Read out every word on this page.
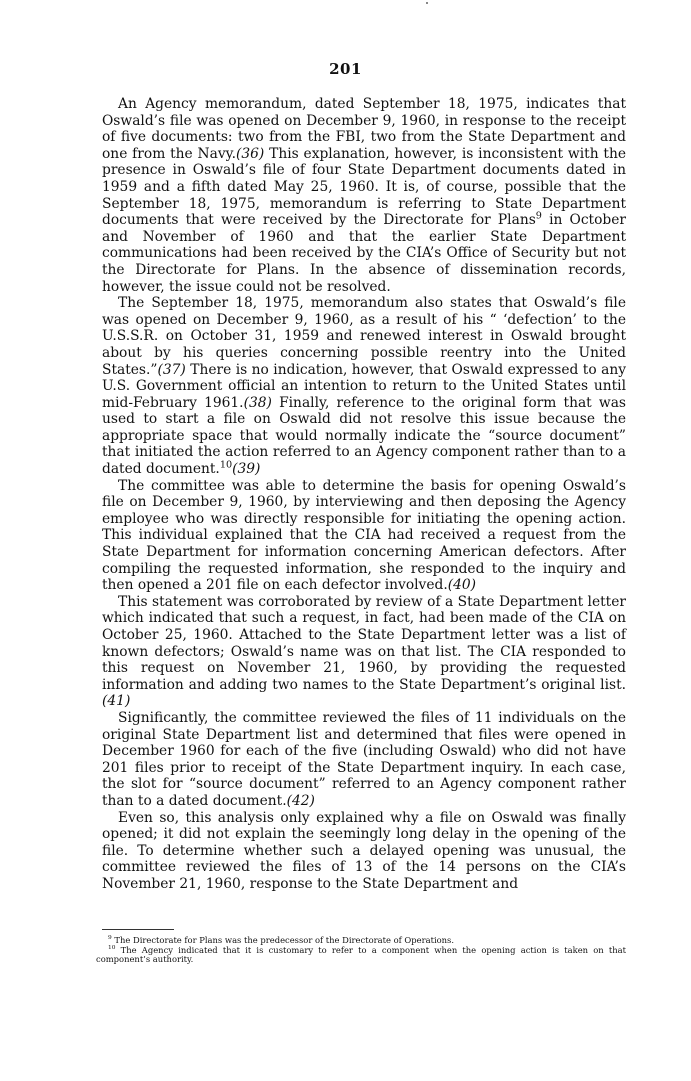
201

An Agency memorandum, dated September 18, 1975, indicates that Oswald’s file was opened on December 9, 1960, in response to the receipt of five documents: two from the FBI, two from the State Department and one from the Navy.(36) This explanation, however, is inconsistent with the presence in Oswald’s file of four State Department documents dated in 1959 and a fifth dated May 25, 1960. It is, of course, possible that the September 18, 1975, memorandum is referring to State Department documents that were received by the Directorate for Plans$^9$ in October and November of 1960 and that the earlier State Department communications had been received by the CIA’s Office of Security but not the Directorate for Plans. In the absence of dissemination records, however, the issue could not be resolved.

The September 18, 1975, memorandum also states that Oswald’s file was opened on December 9, 1960, as a result of his “ ‘defection’ to the U.S.S.R. on October 31, 1959 and renewed interest in Oswald brought about by his queries concerning possible reentry into the United States.”(37) There is no indication, however, that Oswald expressed to any U.S. Government official an intention to return to the United States until mid-February 1961.(38) Finally, reference to the original form that was used to start a file on Oswald did not resolve this issue because the appropriate space that would normally indicate the “source document” that initiated the action referred to an Agency component rather than to a dated document.$^{10}$(39)

The committee was able to determine the basis for opening Oswald’s file on December 9, 1960, by interviewing and then deposing the Agency employee who was directly responsible for initiating the opening action. This individual explained that the CIA had received a request from the State Department for information concerning American defectors. After compiling the requested information, she responded to the inquiry and then opened a 201 file on each defector involved.(40)

This statement was corroborated by review of a State Department letter which indicated that such a request, in fact, had been made of the CIA on October 25, 1960. Attached to the State Department letter was a list of known defectors; Oswald’s name was on that list. The CIA responded to this request on November 21, 1960, by providing the requested information and adding two names to the State Department’s original list.(41)

Significantly, the committee reviewed the files of 11 individuals on the original State Department list and determined that files were opened in December 1960 for each of the five (including Oswald) who did not have 201 files prior to receipt of the State Department inquiry. In each case, the slot for “source document” referred to an Agency component rather than to a dated document.(42)

Even so, this analysis only explained why a file on Oswald was finally opened; it did not explain the seemingly long delay in the opening of the file. To determine whether such a delayed opening was unusual, the committee reviewed the files of 13 of the 14 persons on the CIA’s November 21, 1960, response to the State Department and

$^9$ The Directorate for Plans was the predecessor of the Directorate of Operations.

$^{10}$ The Agency indicated that it is customary to refer to a component when the opening action is taken on that component’s authority.
